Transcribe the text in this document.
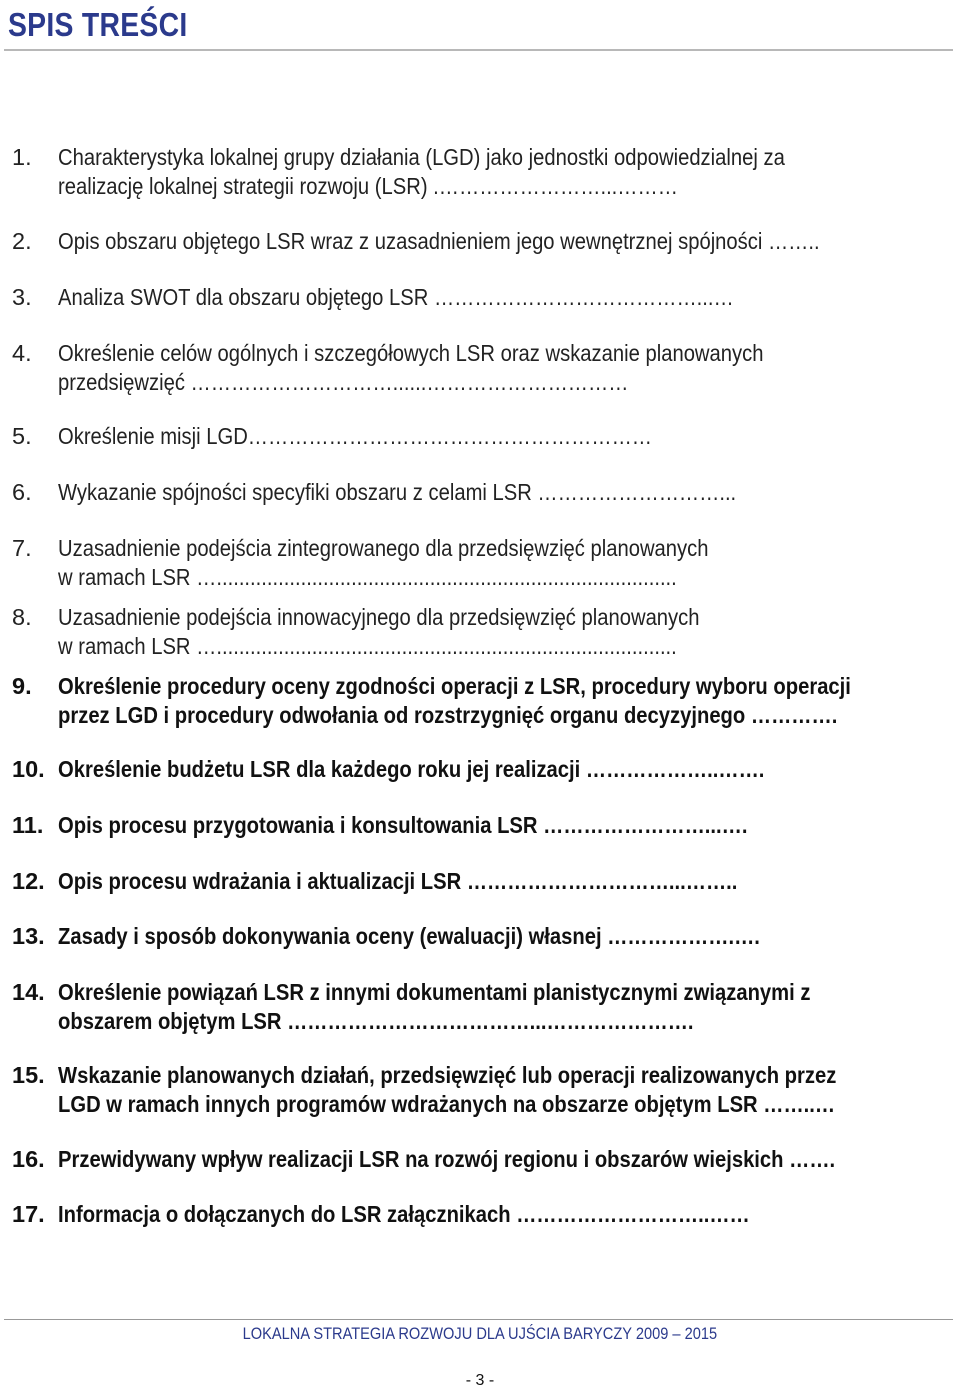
SPIS TREŚCI
1. Charakterystyka lokalnej grupy działania (LGD) jako jednostki odpowiedzialnej za
realizację lokalnej strategii rozwoju (LSR) .……………………...………
2. Opis obszaru objętego LSR wraz z uzasadnieniem jego wewnętrznej spójności ……..
3. Analiza SWOT dla obszaru objętego LSR …………………………………...…
4. Określenie celów ogólnych i szczegółowych LSR oraz wskazanie planowanych
przedsięwzięć …………………………......…………………………
5. Określenie misji LGD……………………………………………………
6. Wykazanie spójności specyfiki obszaru z celami LSR ………………………...
7. Uzasadnienie podejścia zintegrowanego dla przedsięwzięć planowanych
w ramach LSR …..................................................................................
8. Uzasadnienie podejścia innowacyjnego dla przedsięwzięć planowanych
w ramach LSR …..................................................................................
9. Określenie procedury oceny zgodności operacji z LSR, procedury wyboru operacji
przez LGD i procedury odwołania od rozstrzygnięć organu decyzyjnego ………….
10. Określenie budżetu LSR dla każdego roku jej realizacji ………………..…….
11. Opis procesu przygotowania i konsultowania LSR ……………………...….
12. Opis procesu wdrażania i aktualizacji LSR …………………………...……..
13. Zasady i sposób dokonywania oceny (ewaluacji) własnej ……………….….
14. Określenie powiązań LSR z innymi dokumentami planistycznymi związanymi z
obszarem objętym LSR ………………………………...………………….
15. Wskazanie planowanych działań, przedsięwzięć lub operacji realizowanych przez
LGD w ramach innych programów wdrażanych na obszarze objętym LSR ……..…
16. Przewidywany wpływ realizacji LSR na rozwój regionu i obszarów wiejskich …….
17. Informacja o dołączanych do LSR załącznikach ………………………..……
LOKALNA STRATEGIA ROZWOJU DLA UJŚCIA BARYCZY 2009 – 2015
- 3 -
